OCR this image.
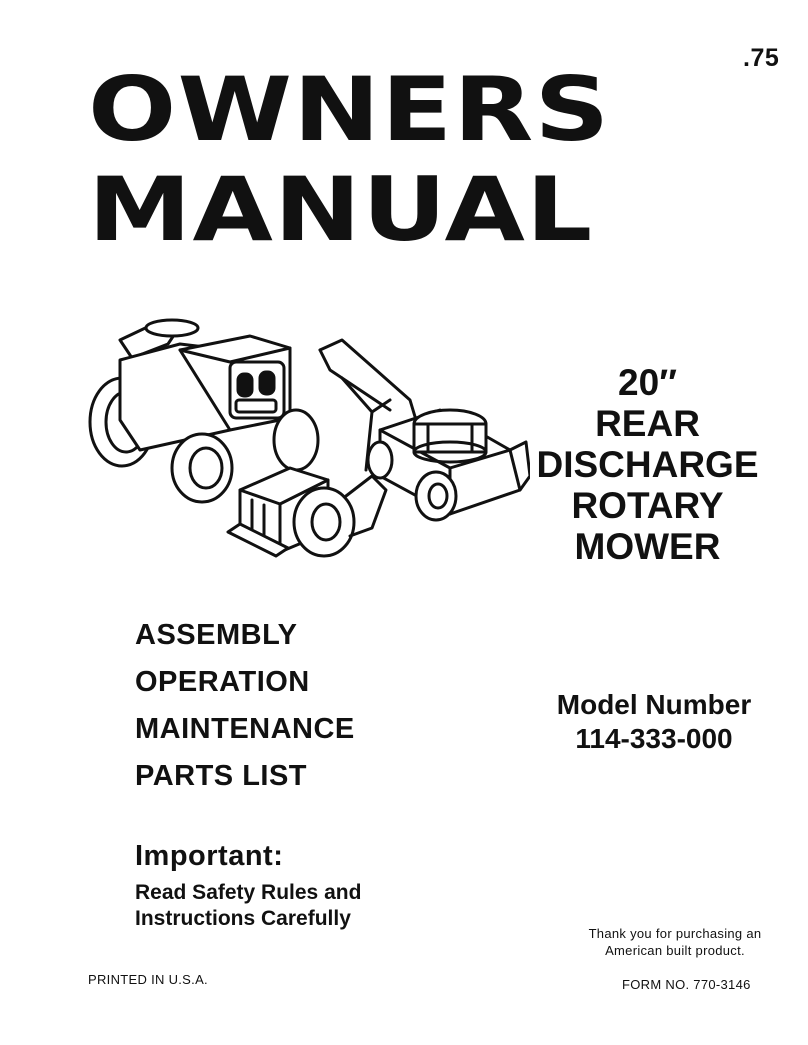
.75
OWNERS
MANUAL
20″
REAR
DISCHARGE
ROTARY
MOWER
ASSEMBLY
OPERATION
MAINTENANCE
PARTS LIST
Model Number
114-333-000
Important:
Read Safety Rules and
Instructions Carefully
Thank you for purchasing an
American built product.
PRINTED IN U.S.A.	FORM NO. 770-3146
